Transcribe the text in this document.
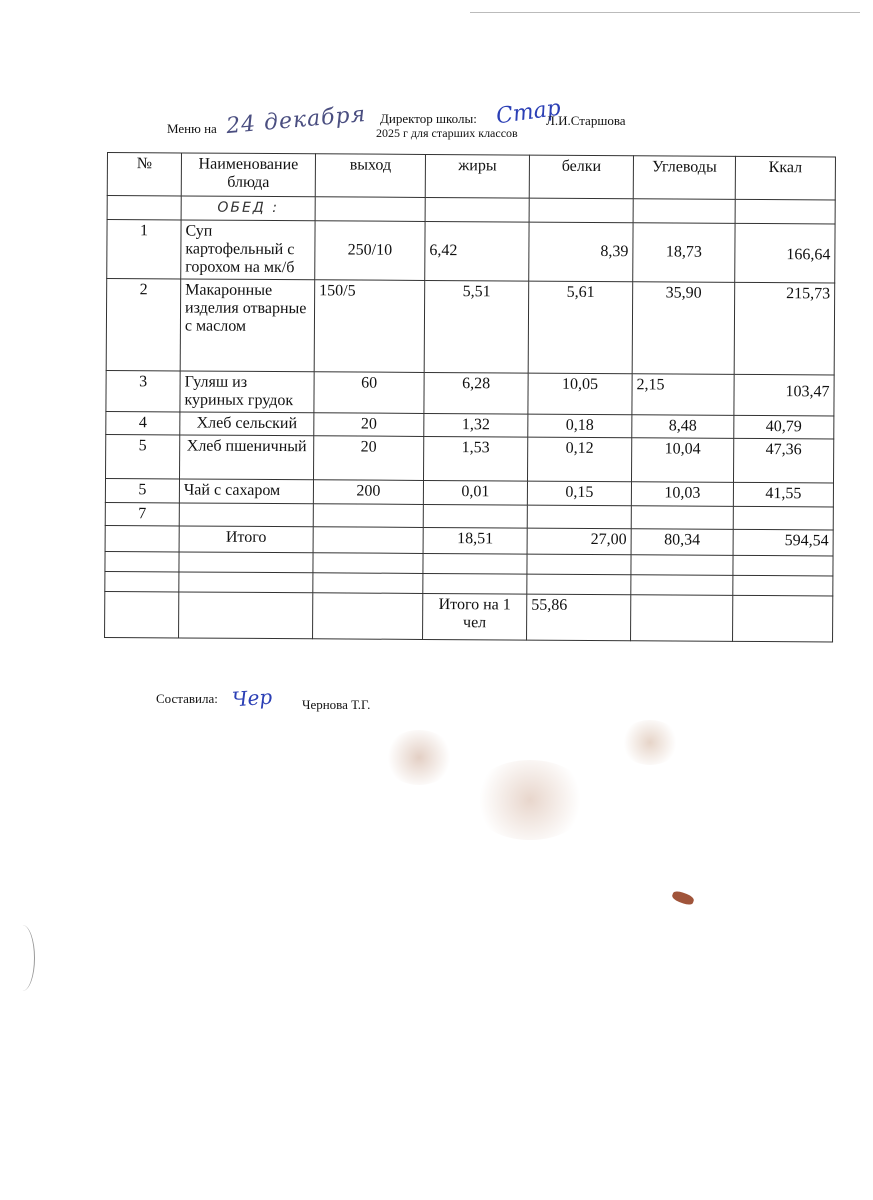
Меню на 24 декабря Директор школы: Стар
Л.И.Старшова
2025 г для старших классов
№	Наименование блюда	выход	жиры	белки	Углеводы	Ккал
	ОБЕД :					
1	Суп картофельный с горохом на мк/б	250/10	6,42	8,39	18,73	166,64
2	Макаронные изделия отварные с маслом	150/5	5,51	5,61	35,90	215,73
3	Гуляш из куриных грудок	60	6,28	10,05	2,15	103,47
4	Хлеб сельский	20	1,32	0,18	8,48	40,79
5	Хлеб пшеничный	20	1,53	0,12	10,04	47,36
5	Чай с сахаром	200	0,01	0,15	10,03	41,55
7						
	Итого		18,51	27,00	80,34	594,54

			Итого на 1 чел	55,86		
Составила: Чер Чернова Т.Г.
